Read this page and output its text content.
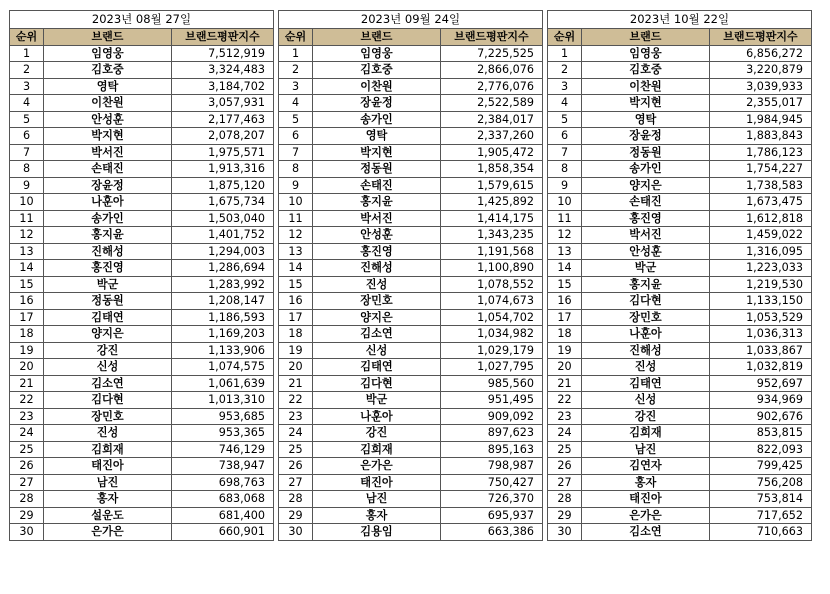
2023년 08월 27일		
순위	브랜드	브랜드평판지수
1	임영웅	7,512,919
2	김호중	3,324,483
3	영탁	3,184,702
4	이찬원	3,057,931
5	안성훈	2,177,463
6	박지현	2,078,207
7	박서진	1,975,571
8	손태진	1,913,316
9	장윤정	1,875,120
10	나훈아	1,675,734
11	송가인	1,503,040
12	홍지윤	1,401,752
13	진해성	1,294,003
14	홍진영	1,286,694
15	박군	1,283,992
16	정동원	1,208,147
17	김태연	1,186,593
18	양지은	1,169,203
19	강진	1,133,906
20	신성	1,074,575
21	김소연	1,061,639
22	김다현	1,013,310
23	장민호	953,685
24	진성	953,365
25	김희재	746,129
26	태진아	738,947
27	남진	698,763
28	홍자	683,068
29	설운도	681,400
30	은가은	660,901
2023년 09월 24일		
순위	브랜드	브랜드평판지수
1	임영웅	7,225,525
2	김호중	2,866,076
3	이찬원	2,776,076
4	장윤정	2,522,589
5	송가인	2,384,017
6	영탁	2,337,260
7	박지현	1,905,472
8	정동원	1,858,354
9	손태진	1,579,615
10	홍지윤	1,425,892
11	박서진	1,414,175
12	안성훈	1,343,235
13	홍진영	1,191,568
14	진해성	1,100,890
15	진성	1,078,552
16	장민호	1,074,673
17	양지은	1,054,702
18	김소연	1,034,982
19	신성	1,029,179
20	김태연	1,027,795
21	김다현	985,560
22	박군	951,495
23	나훈아	909,092
24	강진	897,623
25	김희재	895,163
26	은가은	798,987
27	태진아	750,427
28	남진	726,370
29	홍자	695,937
30	김용임	663,386
2023년 10월 22일		
순위	브랜드	브랜드평판지수
1	임영웅	6,856,272
2	김호중	3,220,879
3	이찬원	3,039,933
4	박지현	2,355,017
5	영탁	1,984,945
6	장윤정	1,883,843
7	정동원	1,786,123
8	송가인	1,754,227
9	양지은	1,738,583
10	손태진	1,673,475
11	홍진영	1,612,818
12	박서진	1,459,022
13	안성훈	1,316,095
14	박군	1,223,033
15	홍지윤	1,219,530
16	김다현	1,133,150
17	장민호	1,053,529
18	나훈아	1,036,313
19	진해성	1,033,867
20	진성	1,032,819
21	김태연	952,697
22	신성	934,969
23	강진	902,676
24	김희재	853,815
25	남진	822,093
26	김연자	799,425
27	홍자	756,208
28	태진아	753,814
29	은가은	717,652
30	김소연	710,663
